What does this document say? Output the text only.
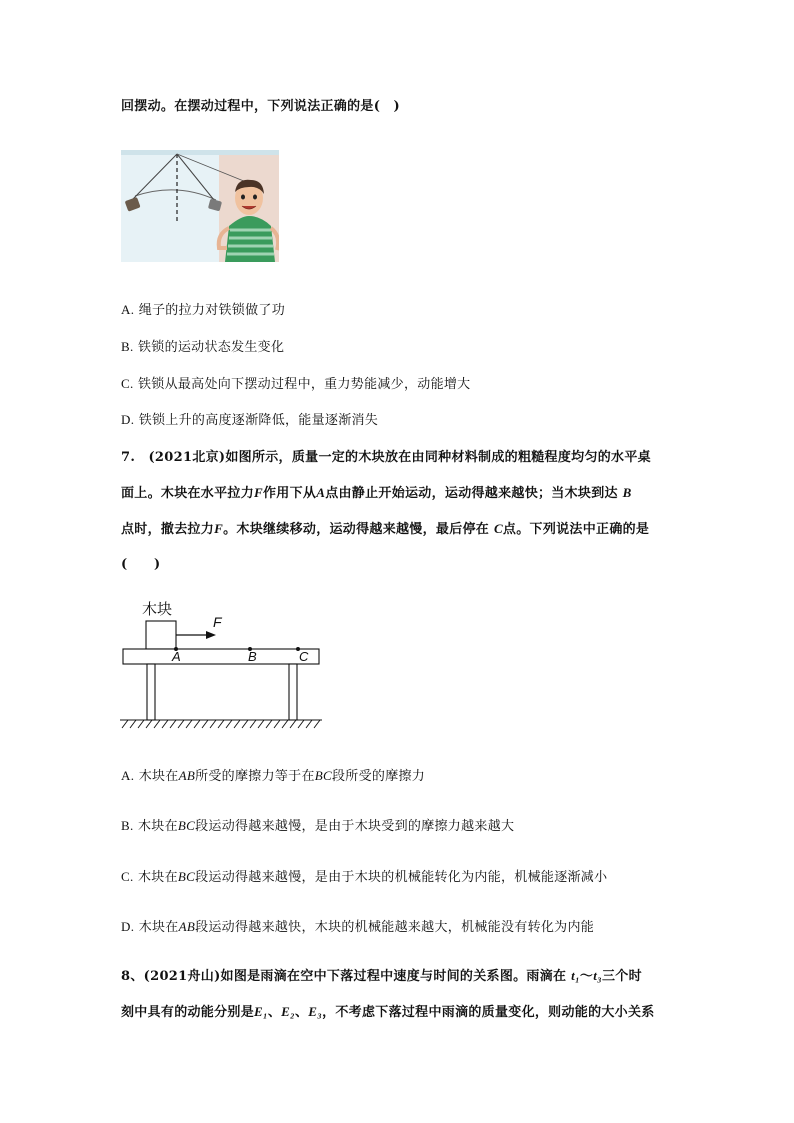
回摆动。在摆动过程中，下列说法正确的是(　)
A. 绳子的拉力对铁锁做了功
B. 铁锁的运动状态发生变化
C. 铁锁从最高处向下摆动过程中，重力势能减少，动能增大
D. 铁锁上升的高度逐渐降低，能量逐渐消失
7.　(2021北京)如图所示，质量一定的木块放在由同种材料制成的粗糙程度均匀的水平桌
面上。木块在水平拉力F作用下从A点由静止开始运动，运动得越来越快；当木块到达 B
点时，撤去拉力F。木块继续移动，运动得越来越慢，最后停在 C点。下列说法中正确的是
(　　)
木块
F
A	B	C
A. 木块在AB所受的摩擦力等于在BC段所受的摩擦力
B. 木块在BC段运动得越来越慢，是由于木块受到的摩擦力越来越大
C. 木块在BC段运动得越来越慢，是由于木块的机械能转化为内能，机械能逐渐减小
D. 木块在AB段运动得越来越快，木块的机械能越来越大，机械能没有转化为内能
8、(2021舟山)如图是雨滴在空中下落过程中速度与时间的关系图。雨滴在 t₁～t₃三个时
刻中具有的动能分别是E₁、E₂、E₃，不考虑下落过程中雨滴的质量变化，则动能的大小关系
